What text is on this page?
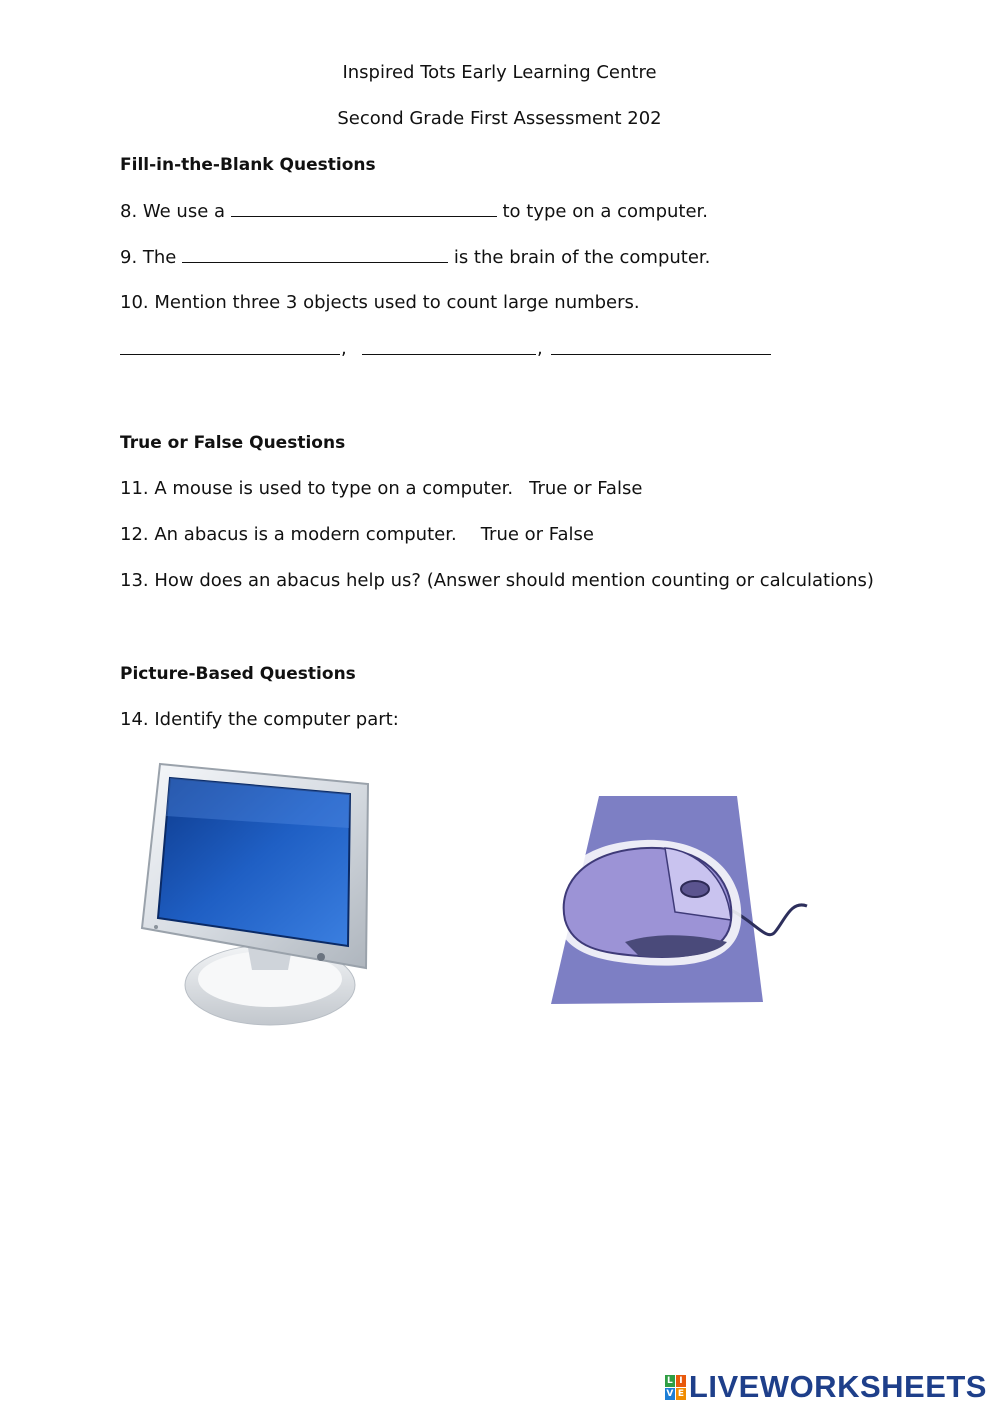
Inspired Tots Early Learning Centre
Second Grade First Assessment 202
Fill-in-the-Blank Questions
8. We use a	to type on a computer.
9. The	is the brain of the computer.
10. Mention three 3 objects used to count large numbers.
,	,
True or False Questions
11. A mouse is used to type on a computer. True or False
12. An abacus is a modern computer. True or False
13. How does an abacus help us? (Answer should mention counting or calculations)
Picture-Based Questions
14. Identify the computer part:
L I
V E LIVEWORKSHEETS
